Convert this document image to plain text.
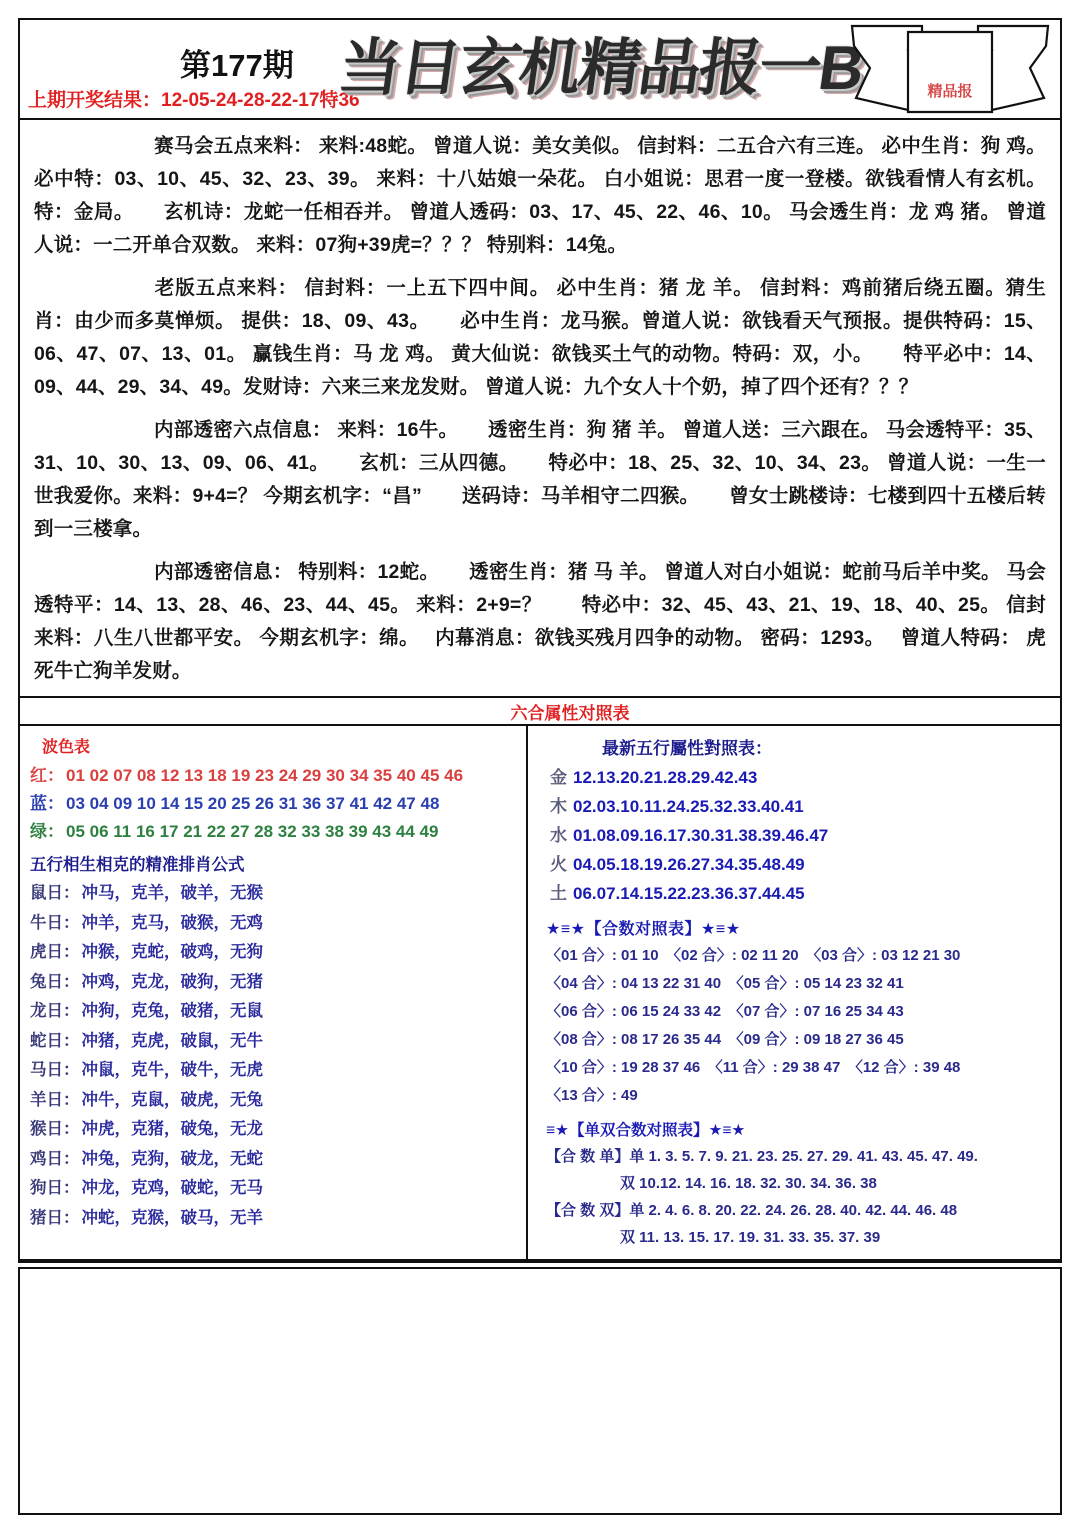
第177期
上期开奖结果：12-05-24-28-22-17特36
当日玄机精品报一B	精品报

赛马会五点来料： 来料:48蛇。 曾道人说：美女美似。 信封料：二五合六有三连。 必中生肖：狗 鸡。 必中特：03、10、45、32、23、39。 来料：十八姑娘一朵花。 白小姐说：思君一度一登楼。欲钱看情人有玄机。 特：金局。　　玄机诗：龙蛇一任相吞并。 曾道人透码：03、17、45、22、46、10。 马会透生肖：龙 鸡 猪。 曾道人说：一二开单合双数。 来料：07狗+39虎=？？？ 特别料：14兔。

老版五点来料： 信封料：一上五下四中间。 必中生肖：猪 龙 羊。 信封料：鸡前猪后绕五圈。猜生肖：由少而多莫惮烦。 提供：18、09、43。　　必中生肖：龙马猴。曾道人说：欲钱看天气预报。提供特码：15、06、47、07、13、01。 赢钱生肖：马 龙 鸡。 黄大仙说：欲钱买土气的动物。特码：双，小。　　特平必中：14、09、44、29、34、49。发财诗：六来三来龙发财。 曾道人说：九个女人十个奶，掉了四个还有？？？

内部透密六点信息： 来料：16牛。　　透密生肖：狗 猪 羊。 曾道人送：三六跟在。 马会透特平：35、31、10、30、13、09、06、41。　　玄机：三从四德。　　特必中：18、25、32、10、34、23。 曾道人说：一生一世我爱你。来料：9+4=？ 今期玄机字：“昌”　　送码诗：马羊相守二四猴。　　曾女士跳楼诗：七楼到四十五楼后转到一三楼拿。

内部透密信息： 特别料：12蛇。　　透密生肖：猪 马 羊。 曾道人对白小姐说：蛇前马后羊中奖。 马会透特平：14、13、28、46、23、44、45。 来料：2+9=？　　特必中：32、45、43、21、19、18、40、25。 信封来料：八生八世都平安。 今期玄机字：绵。　 内幕消息：欲钱买残月四争的动物。 密码：1293。　 曾道人特码： 虎死牛亡狗羊发财。

六合属性对照表
波色表
红： 01 02 07 08 12 13 18 19 23 24 29 30 34 35 40 45 46
蓝： 03 04 09 10 14 15 20 25 26 31 36 37 41 42 47 48
绿： 05 06 11 16 17 21 22 27 28 32 33 38 39 43 44 49
五行相生相克的精准排肖公式
鼠日： 冲马，克羊，破羊，无猴
牛日： 冲羊，克马，破猴，无鸡
虎日： 冲猴，克蛇，破鸡，无狗
兔日： 冲鸡，克龙，破狗，无猪
龙日： 冲狗，克兔，破猪，无鼠
蛇日： 冲猪，克虎，破鼠，无牛
马日： 冲鼠，克牛，破牛，无虎
羊日： 冲牛，克鼠，破虎，无兔
猴日： 冲虎，克猪，破兔，无龙
鸡日： 冲兔，克狗，破龙，无蛇
狗日： 冲龙，克鸡，破蛇，无马
猪日： 冲蛇，克猴，破马，无羊
最新五行屬性對照表：
金 12.13.20.21.28.29.42.43
木 02.03.10.11.24.25.32.33.40.41
水 01.08.09.16.17.30.31.38.39.46.47
火 04.05.18.19.26.27.34.35.48.49
土 06.07.14.15.22.23.36.37.44.45
★≡★【合数对照表】★≡★
〈01 合〉: 01 10　〈02 合〉: 02 11 20　〈03 合〉: 03 12 21 30
〈04 合〉: 04 13 22 31 40　〈05 合〉: 05 14 23 32 41
〈06 合〉: 06 15 24 33 42　〈07 合〉: 07 16 25 34 43
〈08 合〉: 08 17 26 35 44　〈09 合〉: 09 18 27 36 45
〈10 合〉: 19 28 37 46　〈11 合〉: 29 38 47　〈12 合〉: 39 48
〈13 合〉: 49
≡★【单双合数对照表】★≡★
【合 数 单】单 1. 3. 5. 7. 9. 21. 23. 25. 27. 29. 41. 43. 45. 47. 49.
双 10.12. 14. 16. 18. 32. 30. 34. 36. 38
【合 数 双】单 2. 4. 6. 8. 20. 22. 24. 26. 28. 40. 42. 44. 46. 48
双 11. 13. 15. 17. 19. 31. 33. 35. 37. 39
